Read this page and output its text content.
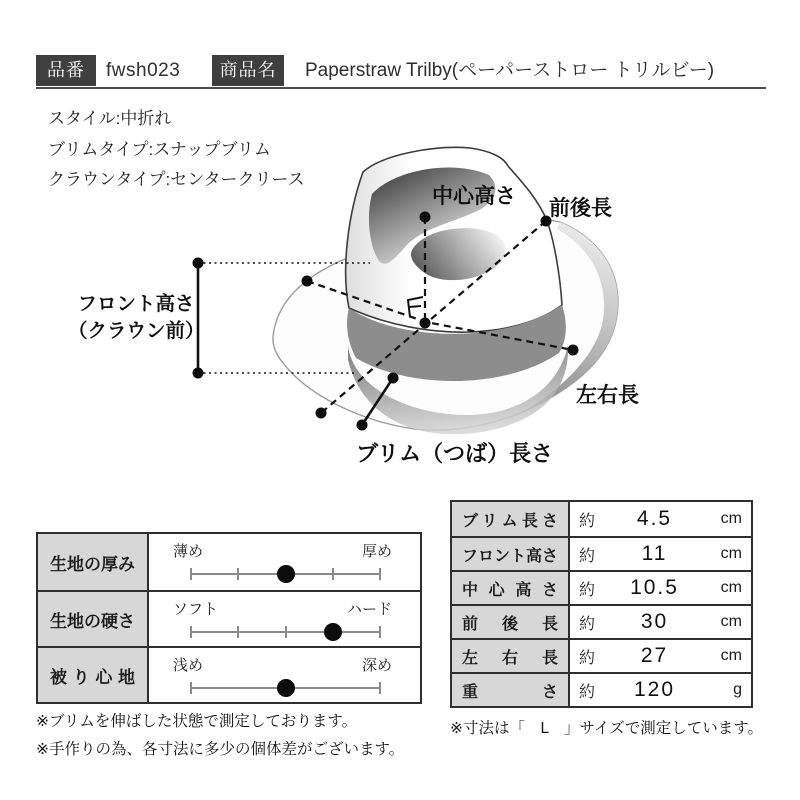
品番	fwsh023	商品名	Paperstraw Trilby(ペーパーストロー トリルビー)
スタイル:中折れ
ブリムタイプ:スナップブリム
クラウンタイプ:センタークリース
中心高さ
前後長
左右長
ブリム（つば）長さ
フロント高さ
（クラウン前）
生地の厚み
薄め	厚め
生地の硬さ
ソフト	ハード
被り心地
浅め	深め
ブリム長さ 約	4.5	cm
フロント高さ 約	11	cm
中心高さ 約	10.5	cm
前後長 約	30	cm
左右長 約	27	cm
重さ 約	120	g
※ブリムを伸ばした状態で測定しております。
※手作りの為、各寸法に多少の個体差がございます。
※寸法は「　L　」サイズで測定しています。
